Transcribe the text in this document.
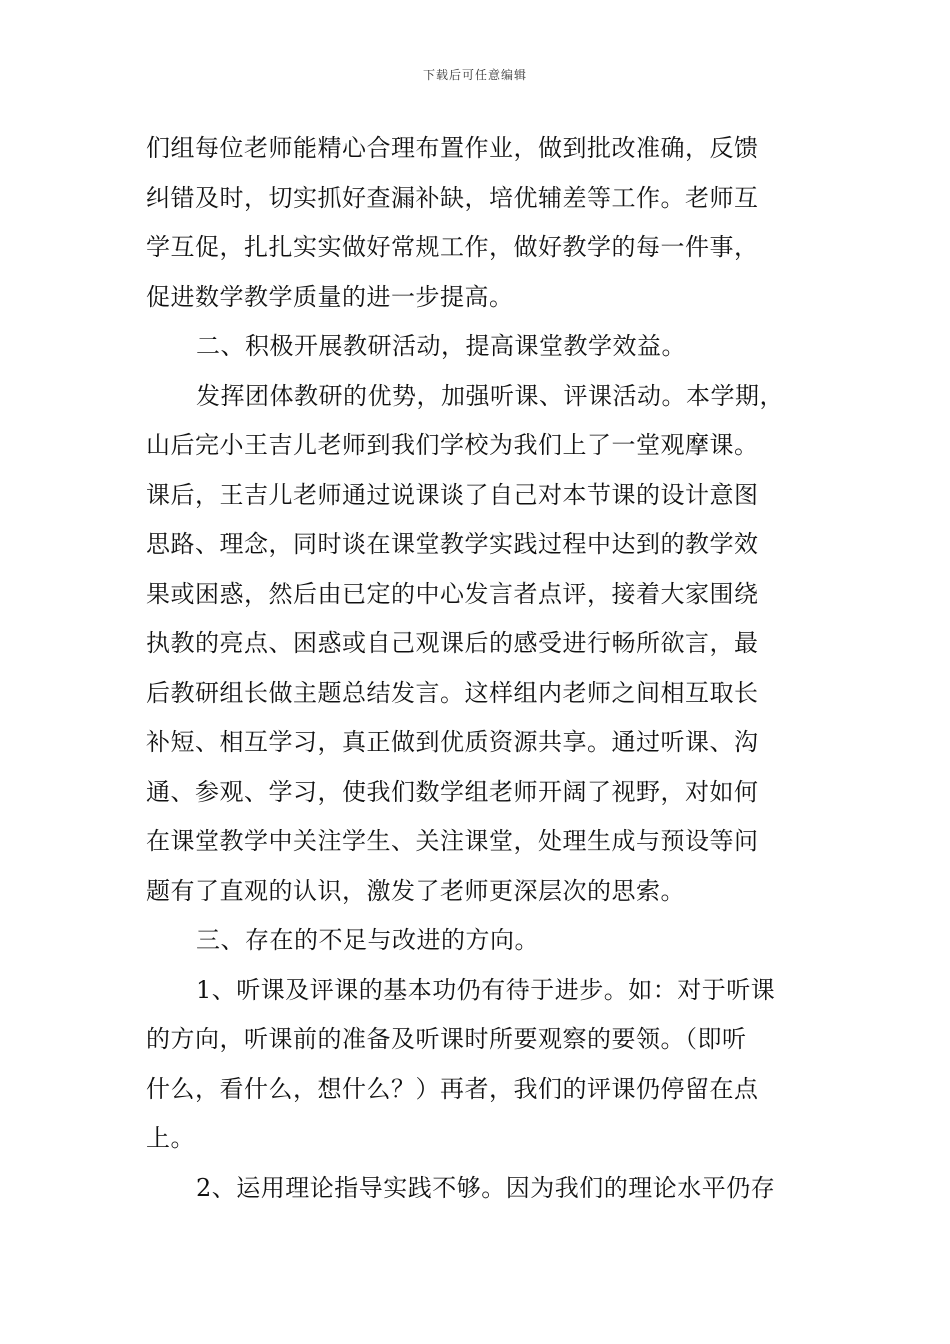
下载后可任意编辑
们组每位老师能精心合理布置作业，做到批改准确，反馈
纠错及时，切实抓好查漏补缺，培优辅差等工作。老师互
学互促，扎扎实实做好常规工作，做好教学的每一件事，
促进数学教学质量的进一步提高。
二、积极开展教研活动，提高课堂教学效益。
发挥团体教研的优势，加强听课、评课活动。本学期，
山后完小王吉儿老师到我们学校为我们上了一堂观摩课。
课后，王吉儿老师通过说课谈了自己对本节课的设计意图
思路、理念，同时谈在课堂教学实践过程中达到的教学效
果或困惑，然后由已定的中心发言者点评，接着大家围绕
执教的亮点、困惑或自己观课后的感受进行畅所欲言，最
后教研组长做主题总结发言。这样组内老师之间相互取长
补短、相互学习，真正做到优质资源共享。通过听课、沟
通、参观、学习，使我们数学组老师开阔了视野，对如何
在课堂教学中关注学生、关注课堂，处理生成与预设等问
题有了直观的认识，激发了老师更深层次的思索。
三、存在的不足与改进的方向。
1、听课及评课的基本功仍有待于进步。如：对于听课
的方向，听课前的准备及听课时所要观察的要领。（即听
什么，看什么，想什么？）再者，我们的评课仍停留在点
上。
2、运用理论指导实践不够。因为我们的理论水平仍存
